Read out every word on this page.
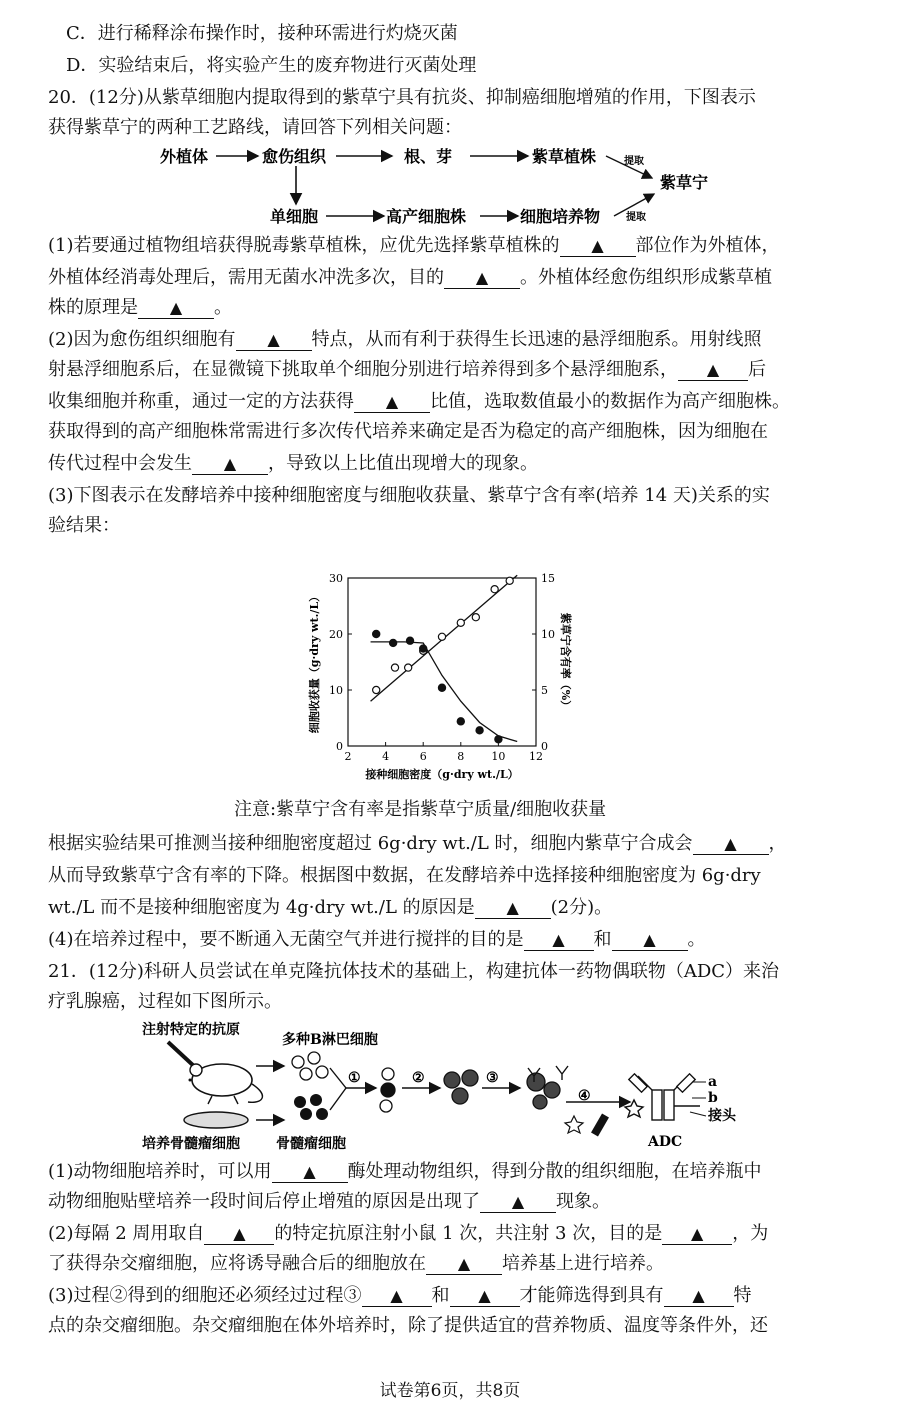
C．进行稀释涂布操作时，接种环需进行灼烧灭菌
D．实验结束后，将实验产生的废弃物进行灭菌处理
20．(12分)从紫草细胞内提取得到的紫草宁具有抗炎、抑制癌细胞增殖的作用，下图表示
获得紫草宁的两种工艺路线，请回答下列相关问题：
外植体	愈伤组织	根、芽	紫草植株	提取
紫草宁
单细胞	高产细胞株	细胞培养物	提取
(1)若要通过植物组培获得脱毒紫草植株，应优先选择紫草植株的 ▲ 部位作为外植体，
外植体经消毒处理后，需用无菌水冲洗多次，目的 ▲ 。外植体经愈伤组织形成紫草植
株的原理是 ▲ 。
(2)因为愈伤组织细胞有 ▲ 特点，从而有利于获得生长迅速的悬浮细胞系。用射线照
射悬浮细胞系后，在显微镜下挑取单个细胞分别进行培养得到多个悬浮细胞系， ▲ 后
收集细胞并称重，通过一定的方法获得 ▲ 比值，选取数值最小的数据作为高产细胞株。
获取得到的高产细胞株常需进行多次传代培养来确定是否为稳定的高产细胞株，因为细胞在
传代过程中会发生 ▲ ，导致以上比值出现增大的现象。
(3)下图表示在发酵培养中接种细胞密度与细胞收获量、紫草宁含有率(培养 14 天)关系的实
验结果：
2	4	6	8 10 12
0
10
20
30
0
5
10
15
接种细胞密度（g·dry wt./L）
细胞收获量（g·dry wt./L）	紫草宁含有率（%）
注意:紫草宁含有率是指紫草宁质量/细胞收获量
根据实验结果可推测当接种细胞密度超过 6g·dry wt./L 时，细胞内紫草宁合成会 ▲ ，
从而导致紫草宁含有率的下降。根据图中数据，在发酵培养中选择接种细胞密度为 6g·dry
wt./L 而不是接种细胞密度为 4g·dry wt./L 的原因是 ▲ (2分)。
(4)在培养过程中，要不断通入无菌空气并进行搅拌的目的是 ▲ 和 ▲ 。
21．(12分)科研人员尝试在单克隆抗体技术的基础上，构建抗体一药物偶联物（ADC）来治
疗乳腺癌，过程如下图所示。
注射特定的抗原
多种B淋巴细胞
培养骨髓瘤细胞	骨髓瘤细胞
①	②	③
④
a
b
接头
ADC
(1)动物细胞培养时，可以用 ▲ 酶处理动物组织，得到分散的组织细胞，在培养瓶中
动物细胞贴壁培养一段时间后停止增殖的原因是出现了 ▲ 现象。
(2)每隔 2 周用取自 ▲ 的特定抗原注射小鼠 1 次，共注射 3 次，目的是 ▲ ，为
了获得杂交瘤细胞，应将诱导融合后的细胞放在 ▲ 培养基上进行培养。
(3)过程②得到的细胞还必须经过过程③ ▲ 和 ▲ 才能筛选得到具有 ▲ 特
点的杂交瘤细胞。杂交瘤细胞在体外培养时，除了提供适宜的营养物质、温度等条件外，还
试卷第6页，共8页
